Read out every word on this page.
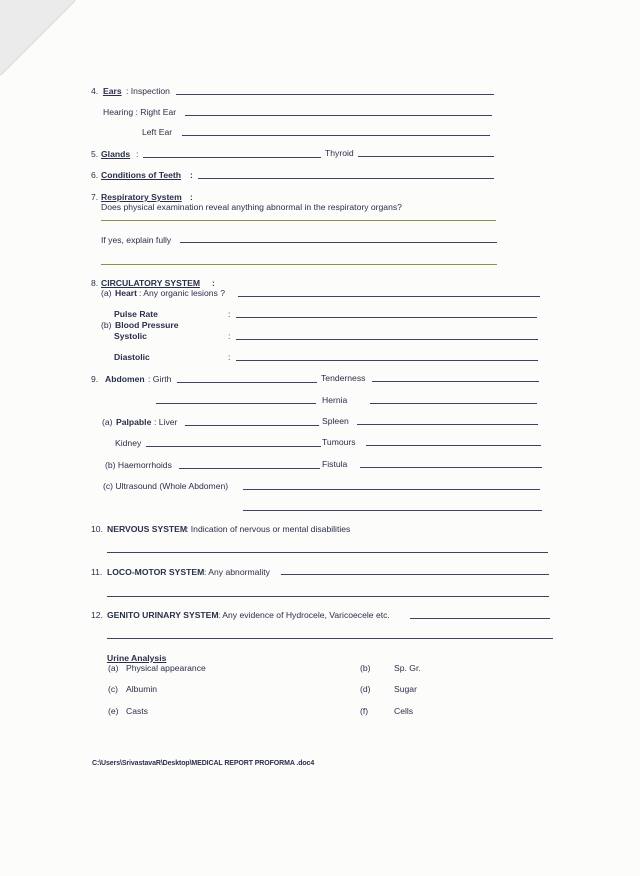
4. Ears : Inspection
Hearing : Right Ear
Left Ear
5. Glands :	Thyroid
6. Conditions of Teeth :
7. Respiratory System :
Does physical examination reveal anything abnormal in the respiratory organs?
If yes, explain fully
8. CIRCULATORY SYSTEM :
(a) Heart : Any organic lesions ?
Pulse Rate	:
(b) Blood Pressure
Systolic	:
Diastolic	:
9. Abdomen : Girth	Tenderness
Hernia
(a) Palpable : Liver	Spleen
Kidney	Tumours
(b) Haemorrhoids	Fistula
(c) Ultrasound (Whole Abdomen)
10. NERVOUS SYSTEM
: Indication of nervous or mental disabilities
11. LOCO-MOTOR SYSTEM : Any abnormality
12. GENITO URINARY SYSTEM : Any evidence of Hydrocele, Varicoecele etc.
Urine Analysis
(a) Physical appearance	(b)	Sp. Gr.
(c) Albumin	(d)	Sugar
(e) Casts	(f)	Cells
C:\Users\SrivastavaR\Desktop\MEDICAL REPORT PROFORMA .doc4
